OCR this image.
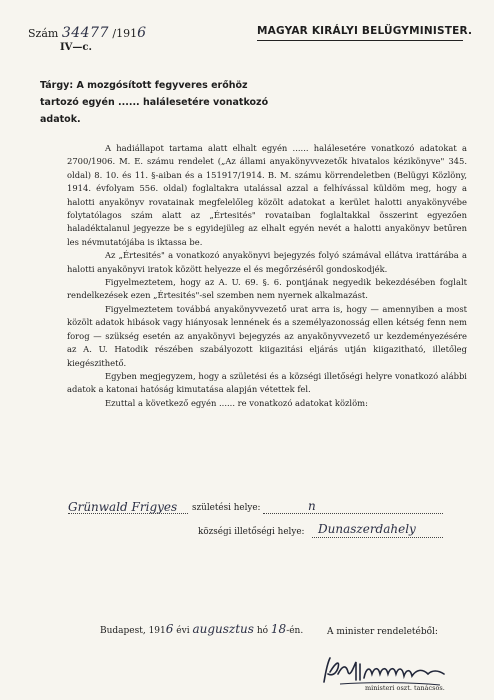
Szám 34477 /1916
IV—c.
MAGYAR KIRÁLYI BELÜGYMINISTER.
Tárgy: A mozgósított fegyveres erőhöz tartozó egyén ...... halálesetére vonatkozó adatok.

A hadiállapot tartama alatt elhalt egyén ...... halálesetére vonatkozó adatokat a 2700/1906. M. E. számu rendelet („Az állami anyakönyvvezetők hivatalos kézikönyve" 345. oldal) 8. 10. és 11. §-aiban és a 151917/1914. B. M. számu körrendeletben (Belügyi Közlöny, 1914. évfolyam 556. oldal) foglaltakra utalással azzal a felhívással küldöm meg, hogy a halotti anyakönyv rovatainak megfelelőleg közölt adatokat a kerület halotti anyakönyvébe folytatólagos szám alatt az „Értesités" rovataiban foglaltakkal összerint egyezően haladéktalanul jegyezze be s egyidejüleg az elhalt egyén nevét a halotti anyakönyv betűren les névmutatójába is iktassa be.

Az „Értesités" a vonatkozó anyakönyvi bejegyzés folyó számával ellátva irattárába a halotti anyakönyvi iratok között helyezze el és megőrzéséről gondoskodjék.

Figyelmeztetem, hogy az A. U. 69. §. 6. pontjának negyedik bekezdésében foglalt rendelkezések ezen „Értesités"-sel szemben nem nyernek alkalmazást.

Figyelmeztetem továbbá anyakönyvvezető urat arra is, hogy — amennyiben a most közölt adatok hibások vagy hiányosak lennének és a személyazonosság ellen kétség fenn nem forog — szükség esetén az anyakönyvi bejegyzés az anyakönyvvezető ur kezdeményezésére az A. U. Hatodik részében szabályozott kiigazitási eljárás utján kiigazitható, illetőleg kiegészithető.

Egyben megjegyzem, hogy a születési és a községi illetőségi helyre vonatkozó alábbi adatok a katonai hatóság kimutatása alapján vétettek fel.

Ezuttal a következő egyén ...... re vonatkozó adatokat közlöm:

Grünwald Frigyes születési helye:	n
községi illetőségi helye: Dunaszerdahely
Budapest, 1916 évi augusztus hó 18-én.	A minister rendeletéből:
ministeri oszt. tanácsos.
